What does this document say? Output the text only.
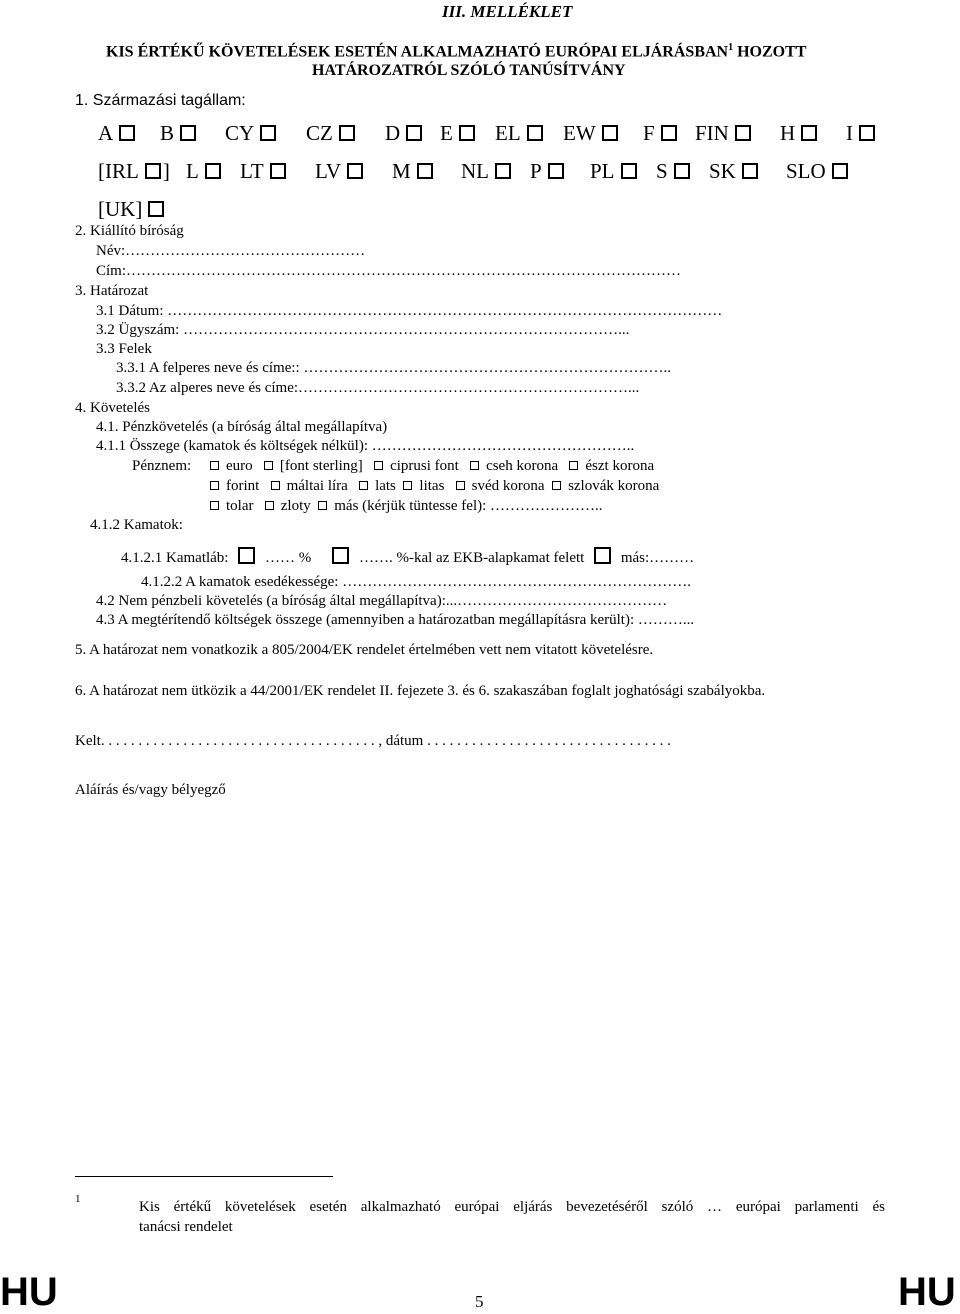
III. MELLÉKLET
KIS ÉRTÉKŰ KÖVETELÉSEK ESETÉN ALKALMAZHATÓ EURÓPAI ELJÁRÁSBAN$^1$ HOZOTT
HATÁROZATRÓL SZÓLÓ TANÚSÍTVÁNY
1. Származási tagállam:
A	B	CY	CZ	D	E	EL	EW	F	FIN	H	I
[IRL ] L	LT	LV	M	NL	P	PL	S	SK	SLO
[UK]
2. Kiállító bíróság
Név:…………………………………………
Cím:…………………………………………………………………………………………………
3. Határozat
3.1 Dátum: …………………………………………………………………………………………………
3.2 Ügyszám: ……………………………………………………………………………...
3.3 Felek
3.3.1 A felperes neve és címe:: ………………………………………………………………..
3.3.2 Az alperes neve és címe:…………………………………………………………...
4. Követelés
4.1. Pénzkövetelés (a bíróság által megállapítva)
4.1.1 Összege (kamatok és költségek nélkül): ……………………………………………..
Pénznem:	euro [font sterling] ciprusi font cseh korona észt korona
forint máltai líra lats litas svéd korona szlovák korona
tolar zloty más (kérjük tüntesse fel): …………………..
4.1.2 Kamatok:
4.1.2.1 Kamatláb: …… %	……. %-kal az EKB-alapkamat felett más:………
4.1.2.2 A kamatok esedékessége: …………………………………………………………….
4.2 Nem pénzbeli követelés (a bíróság által megállapítva):...……………………………………
4.3 A megtérítendő költségek összege (amennyiben a határozatban megállapításra került): ………...
5. A határozat nem vonatkozik a 805/2004/EK rendelet értelmében vett nem vitatott követelésre.
6. A határozat nem ütközik a 44/2001/EK rendelet II. fejezete 3. és 6. szakaszában foglalt joghatósági szabályokba.
Kelt. . . . . . . . . . . . . . . . . . . . . . . . . . . . . . . . . . . . . , dátum . . . . . . . . . . . . . . . . . . . . . . . . . . . . . . . . .
Aláírás és/vagy bélyegző
1	Kis értékű követelések esetén alkalmazható európai eljárás bevezetéséről szóló … európai parlamenti és
tanácsi rendelet
HU	5	HU
